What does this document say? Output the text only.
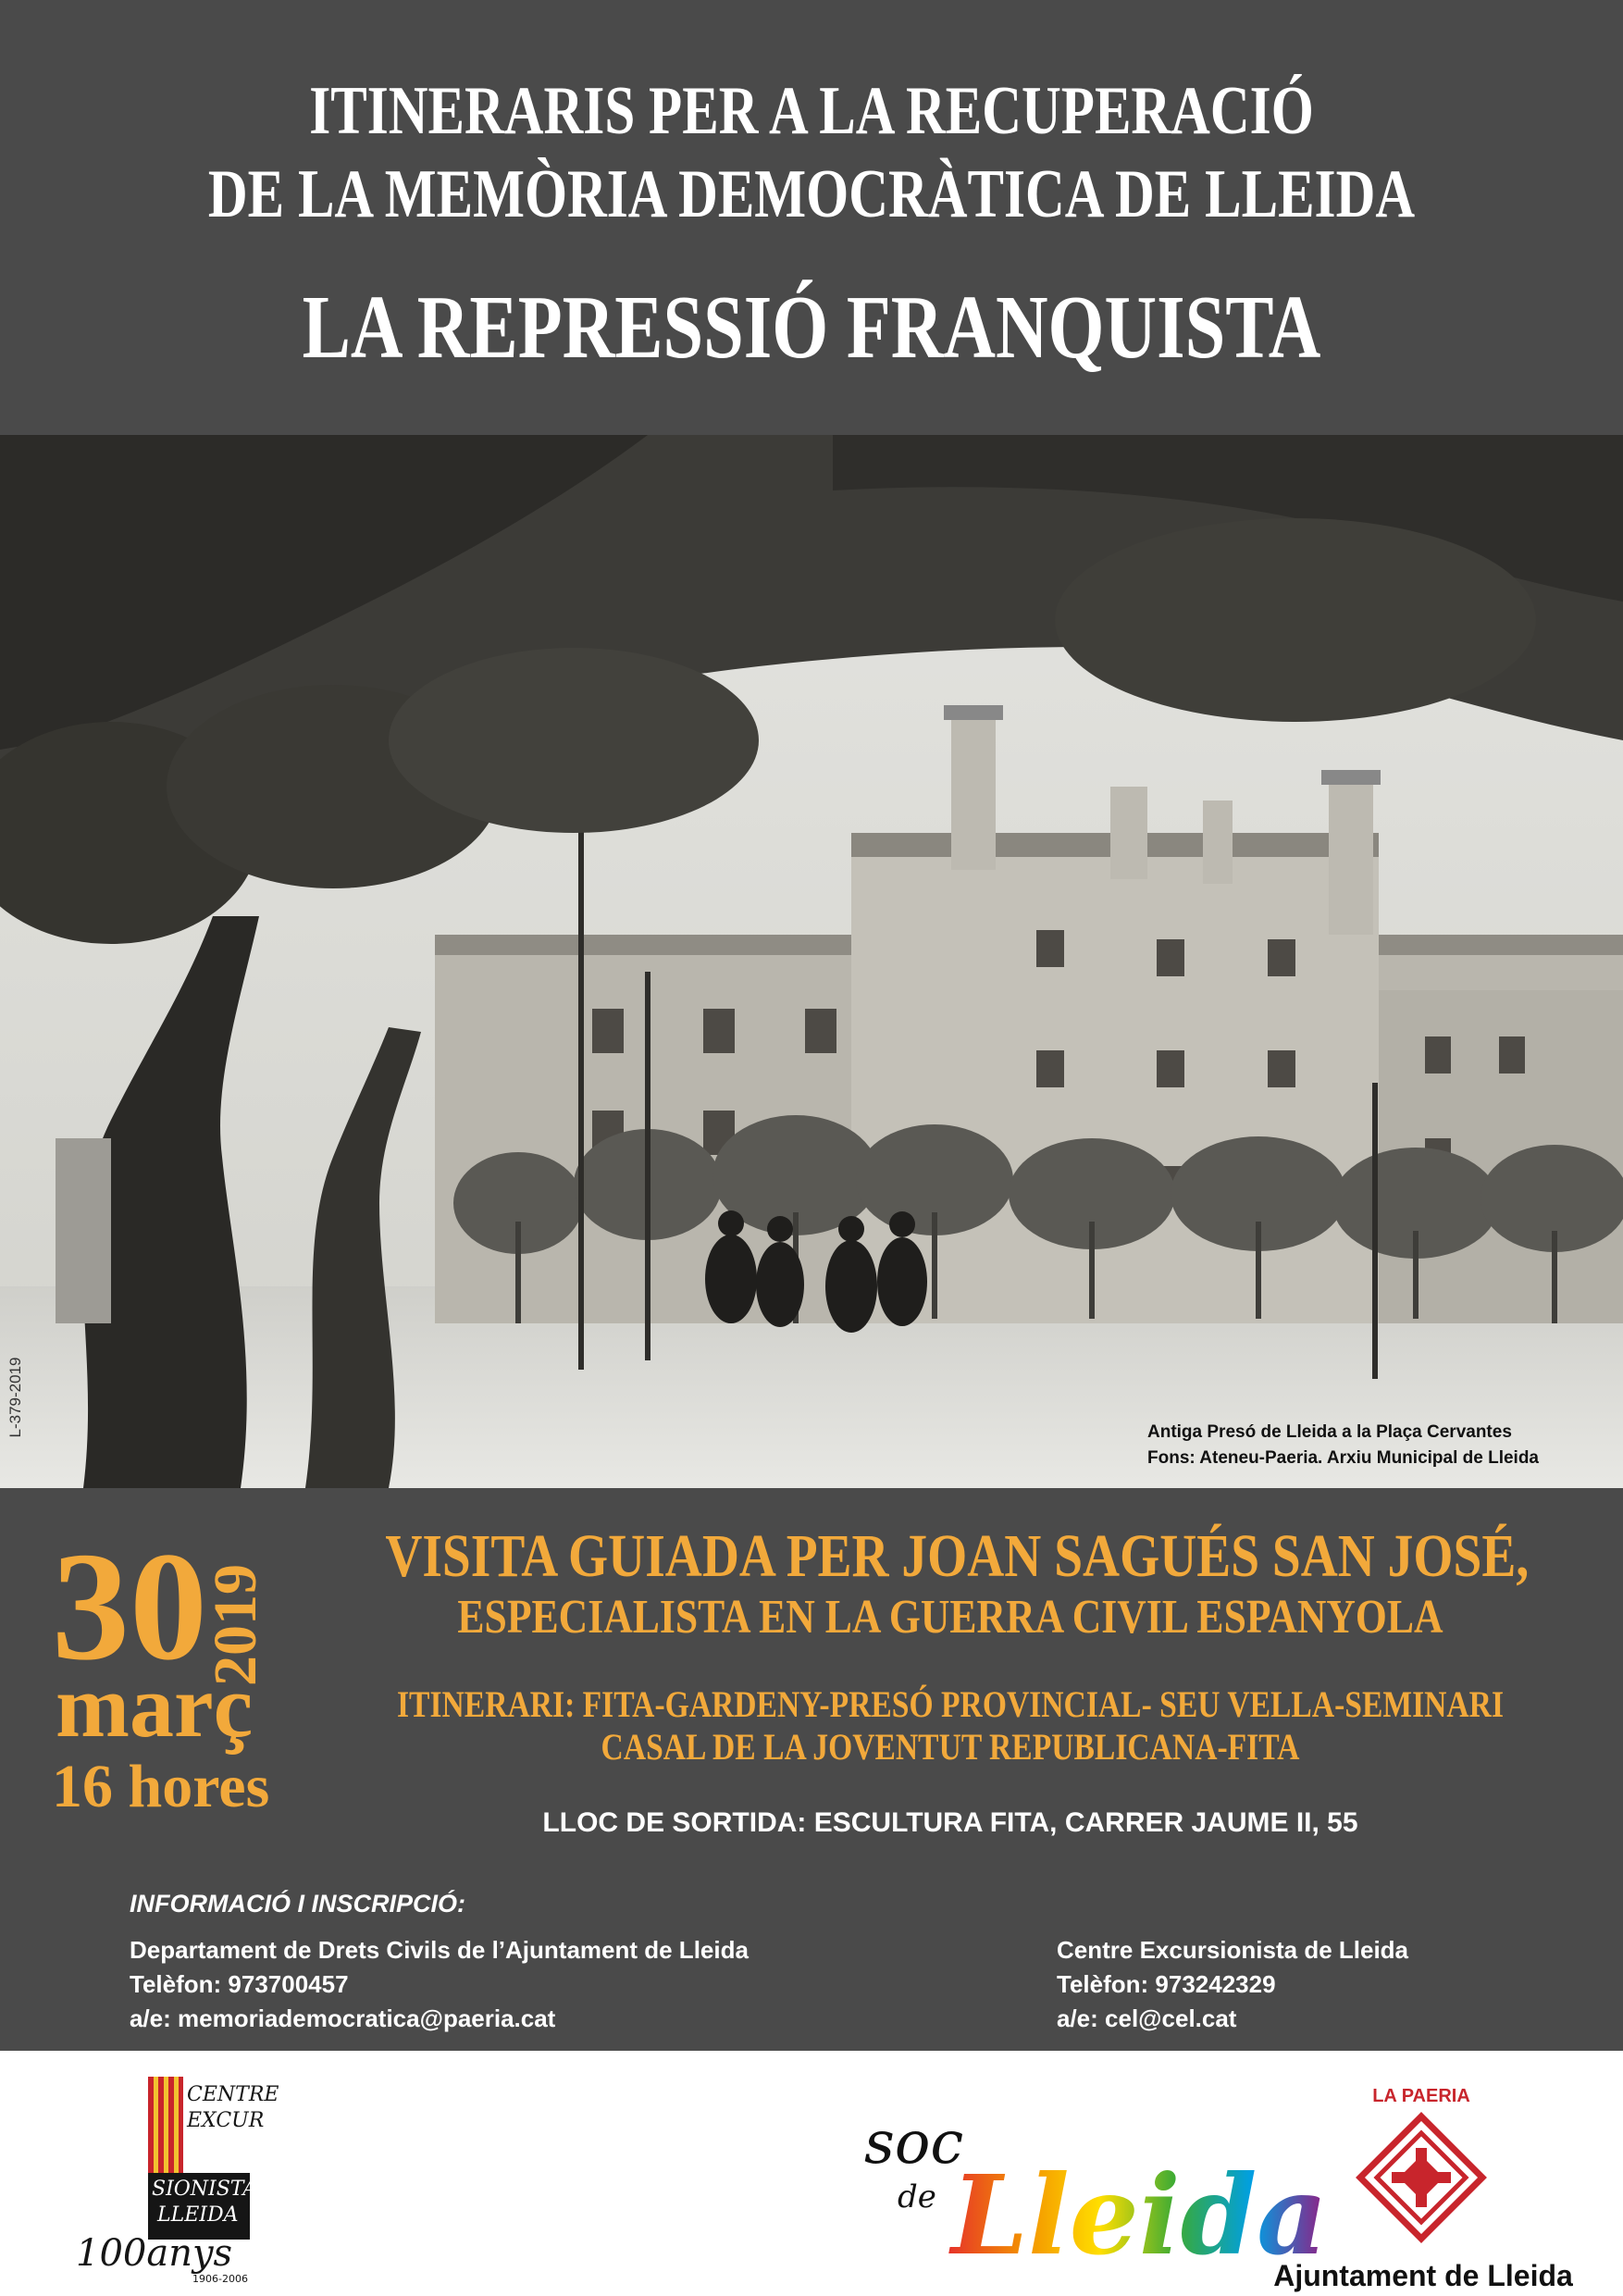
ITINERARIS PER A LA RECUPERACIÓ
DE LA MEMÒRIA DEMOCRÀTICA DE LLEIDA
LA REPRESSIÓ FRANQUISTA
Antiga Presó de Lleida a la Plaça Cervantes
Fons: Ateneu-Paeria. Arxiu Municipal de Lleida
L-379-2019
30
2019
març
16 hores
VISITA GUIADA PER JOAN SAGUÉS SAN JOSÉ,
ESPECIALISTA EN LA GUERRA CIVIL ESPANYOLA
ITINERARI: FITA-GARDENY-PRESÓ PROVINCIAL- SEU VELLA-SEMINARI
CASAL DE LA JOVENTUT REPUBLICANA-FITA
LLOC DE SORTIDA: ESCULTURA FITA, CARRER JAUME II, 55
INFORMACIÓ I INSCRIPCIÓ:
Departament de Drets Civils de l’Ajuntament de Lleida
Telèfon: 973700457
a/e: memoriademocratica@paeria.cat
Centre Excursionista de Lleida
Telèfon: 973242329
a/e: cel@cel.cat
CENTRE
EXCUR
SIONISTA
LLEIDA
100anys
1906-2006
soc
de Lleida
LA PAERIA
Ajuntament de Lleida
